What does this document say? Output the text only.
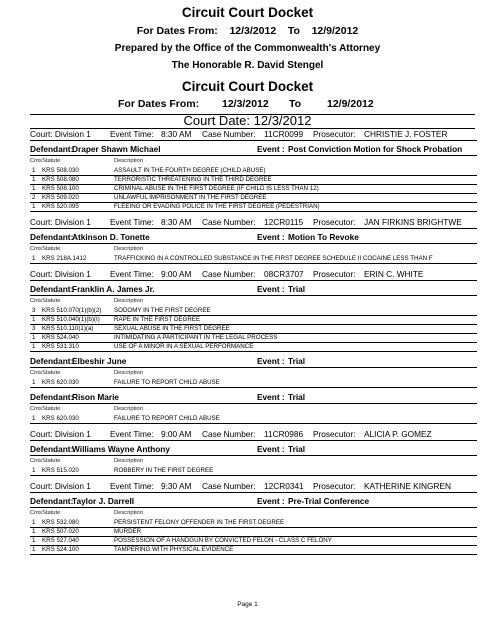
Circuit Court Docket
For Dates From:    12/3/2012    To    12/9/2012
Prepared by the Office of the Commonwealth's Attorney
The Honorable R. David Stengel
Circuit Court Docket
For Dates From: 12/3/2012 To 12/9/2012
Court Date: 12/3/2012
Court: Division 1 Event Time: 8:30 AM Case Number: 11CR0099 Prosecutor: CHRISTIE J. FOSTER
Defendant:
Draper Shawn Michael	Event : Post Conviction Motion for Shock Probation
Cnts Statute	Description
1 KRS 508.030	ASSAULT IN THE FOURTH DEGREE (CHILD ABUSE)
1 KRS 508.080	TERRORISTIC THREATENING IN THE THIRD DEGREE
1 KRS 508.100	CRIMINAL ABUSE IN THE FIRST DEGREE (IF CHILD IS LESS THAN 12)
2 KRS 509.020	UNLAWFUL IMPRISONMENT IN THE FIRST DEGREE
1 KRS 520.095	FLEEING OR EVADING POLICE IN THE FIRST DEGREE (PEDESTRIAN)
Court: Division 1 Event Time: 8:30 AM Case Number: 12CR0115 Prosecutor: JAN FIRKINS BRIGHTWE
Defendant:
Atkinson D. Tonette	Event : Motion To Revoke
Cnts Statute	Description
1 KRS 218A.1412	TRAFFICKING IN A CONTROLLED SUBSTANCE IN THE FIRST DEGREE SCHEDULE II COCAINE LESS THAN F
Court: Division 1 Event Time: 9:00 AM Case Number: 08CR3707 Prosecutor: ERIN C. WHITE
Defendant:
Franklin A. James Jr.	Event : Trial
Cnts Statute	Description
3 KRS 510.070(1)(b)(2) SODOMY IN THE FIRST DEGREE
1 KRS 510.040(1)(b)(I) RAPE IN THE FIRST DEGREE
3 KRS 510.110(1)(a)	SEXUAL ABUSE IN THE FIRST DEGREE
1 KRS 524.040	INTIMIDATING A PARTICIPANT IN THE LEGAL PROCESS
1 KRS 531.310	USE OF A MINOR IN A SEXUAL PERFORMANCE
Defendant:
Elbeshir June	Event : Trial
Cnts Statute	Description
1 KRS 620.030	FAILURE TO REPORT CHILD ABUSE
Defendant:
Rison Marie	Event : Trial
Cnts Statute	Description
1 KRS 620.030	FAILURE TO REPORT CHILD ABUSE
Court: Division 1 Event Time: 9:00 AM Case Number: 11CR0986 Prosecutor: ALICIA P. GOMEZ
Defendant:
Williams Wayne Anthony	Event : Trial
Cnts Statute	Description
1 KRS 515.020	ROBBERY IN THE FIRST DEGREE
Court: Division 1 Event Time: 9:30 AM Case Number: 12CR0341 Prosecutor: KATHERINE KINGREN
Defendant:
Taylor J. Darrell	Event : Pre-Trial Conference
Cnts Statute	Description
1 KRS 532.080	PERSISTENT FELONY OFFENDER IN THE FIRST DEGREE
1 KRS 507.020	MURDER
1 KRS 527.040	POSSESSION OF A HANDGUN BY CONVICTED FELON - CLASS C FELONY
1 KRS 524.100	TAMPERING WITH PHYSICAL EVIDENCE
Page 1
